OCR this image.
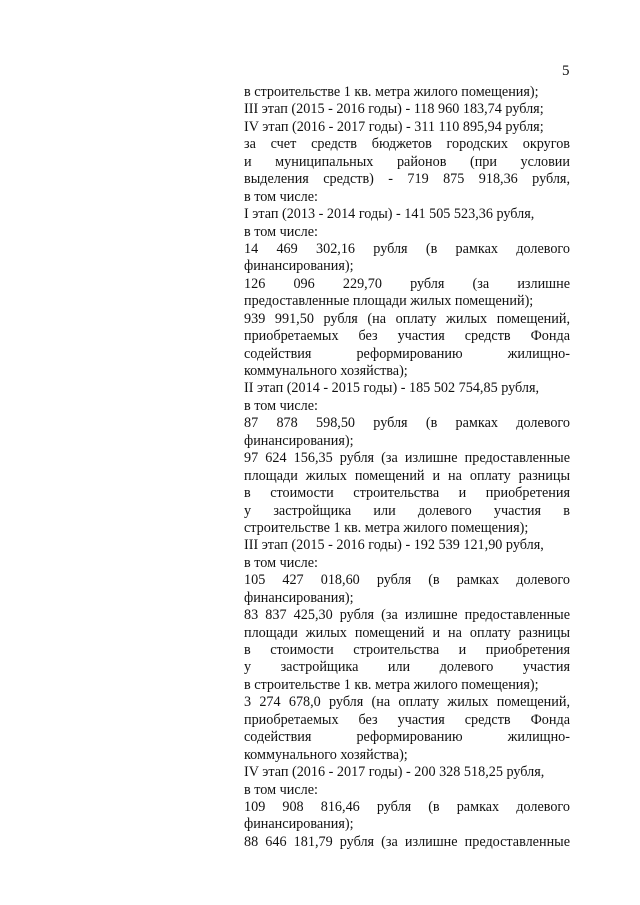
5
в строительстве 1 кв. метра жилого помещения);
III этап (2015 - 2016 годы) - 118 960 183,74 рубля;
IV этап (2016 - 2017 годы) - 311 110 895,94 рубля;
за счет средств бюджетов городских округов
и муниципальных районов (при условии
выделения средств) - 719 875 918,36 рубля,
в том числе:
I этап (2013 - 2014 годы) - 141 505 523,36 рубля,
в том числе:
14 469 302,16 рубля (в рамках долевого
финансирования);
126 096 229,70 рубля (за излишне
предоставленные площади жилых помещений);
939 991,50 рубля (на оплату жилых помещений,
приобретаемых без участия средств Фонда
содействия реформированию жилищно-
коммунального хозяйства);
II этап (2014 - 2015 годы) - 185 502 754,85 рубля,
в том числе:
87 878 598,50 рубля (в рамках долевого
финансирования);
97 624 156,35 рубля (за излишне предоставленные
площади жилых помещений и на оплату разницы
в стоимости строительства и приобретения
у застройщика или долевого участия в
строительстве 1 кв. метра жилого помещения);
III этап (2015 - 2016 годы) - 192 539 121,90 рубля,
в том числе:
105 427 018,60 рубля (в рамках долевого
финансирования);
83 837 425,30 рубля (за излишне предоставленные
площади жилых помещений и на оплату разницы
в стоимости строительства и приобретения
у застройщика или долевого участия
в строительстве 1 кв. метра жилого помещения);
3 274 678,0 рубля (на оплату жилых помещений,
приобретаемых без участия средств Фонда
содействия реформированию жилищно-
коммунального хозяйства);
IV этап (2016 - 2017 годы) - 200 328 518,25 рубля,
в том числе:
109 908 816,46 рубля (в рамках долевого
финансирования);
88 646 181,79 рубля (за излишне предоставленные
